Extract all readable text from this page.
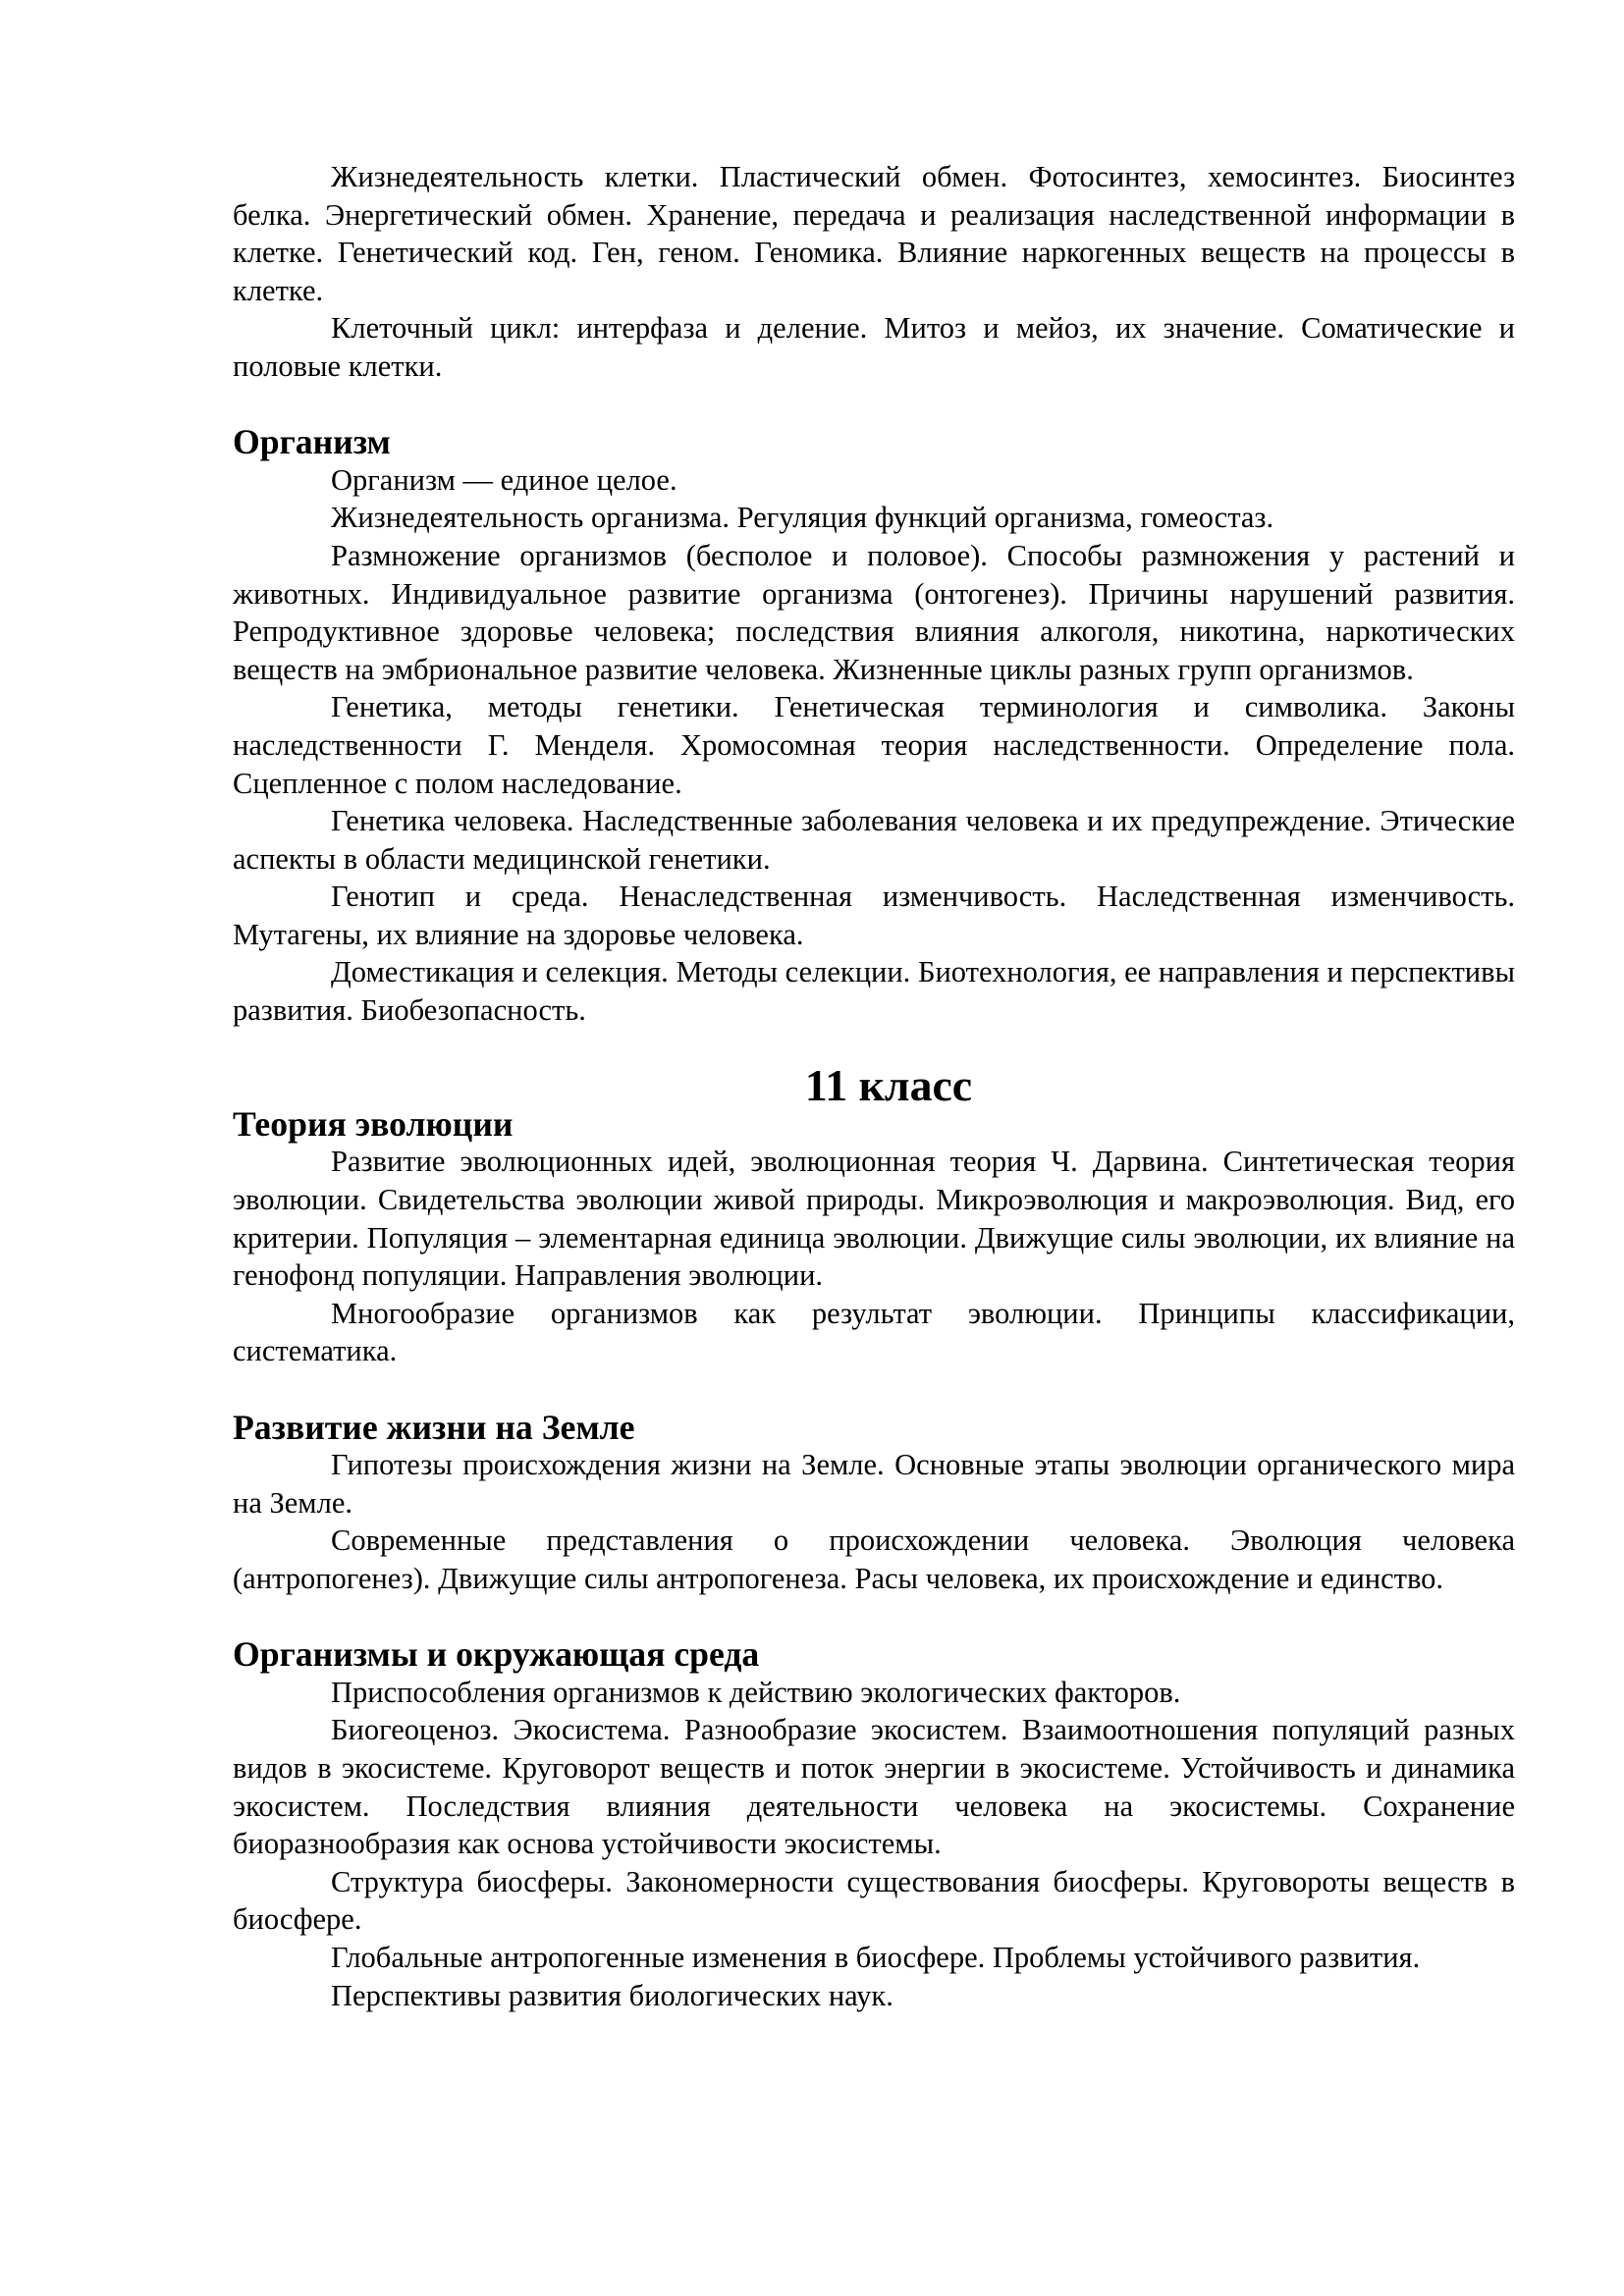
Жизнедеятельность клетки. Пластический обмен. Фотосинтез, хемосинтез. Биосинтез белка. Энергетический обмен. Хранение, передача и реализация наследственной информации в клетке. Генетический код. Ген, геном. Геномика. Влияние наркогенных веществ на процессы в клетке.

Клеточный цикл: интерфаза и деление. Митоз и мейоз, их значение. Соматические и половые клетки.

Организм

Организм — единое целое.

Жизнедеятельность организма. Регуляция функций организма, гомеостаз.

Размножение организмов (бесполое и половое). Способы размножения у растений и животных. Индивидуальное развитие организма (онтогенез). Причины нарушений развития. Репродуктивное здоровье человека; последствия влияния алкоголя, никотина, наркотических веществ на эмбриональное развитие человека. Жизненные циклы разных групп организмов.

Генетика, методы генетики. Генетическая терминология и символика. Законы наследственности Г. Менделя. Хромосомная теория наследственности. Определение пола. Сцепленное с полом наследование.

Генетика человека. Наследственные заболевания человека и их предупреждение. Этические аспекты в области медицинской генетики.

Генотип и среда. Ненаследственная изменчивость. Наследственная изменчивость. Мутагены, их влияние на здоровье человека.

Доместикация и селекция. Методы селекции. Биотехнология, ее направления и перспективы развития. Биобезопасность.

11 класс
Теория эволюции

Развитие эволюционных идей, эволюционная теория Ч. Дарвина. Синтетическая теория эволюции. Свидетельства эволюции живой природы. Микроэволюция и макроэволюция. Вид, его критерии. Популяция – элементарная единица эволюции. Движущие силы эволюции, их влияние на генофонд популяции. Направления эволюции.

Многообразие организмов как результат эволюции. Принципы классификации, систематика.

Развитие жизни на Земле

Гипотезы происхождения жизни на Земле. Основные этапы эволюции органического мира на Земле.

Современные представления о происхождении человека. Эволюция человека (антропогенез). Движущие силы антропогенеза. Расы человека, их происхождение и единство.

Организмы и окружающая среда

Приспособления организмов к действию экологических факторов.

Биогеоценоз. Экосистема. Разнообразие экосистем. Взаимоотношения популяций разных видов в экосистеме. Круговорот веществ и поток энергии в экосистеме. Устойчивость и динамика экосистем. Последствия влияния деятельности человека на экосистемы. Сохранение биоразнообразия как основа устойчивости экосистемы.

Структура биосферы. Закономерности существования биосферы. Круговороты веществ в биосфере.

Глобальные антропогенные изменения в биосфере. Проблемы устойчивого развития.

Перспективы развития биологических наук.
